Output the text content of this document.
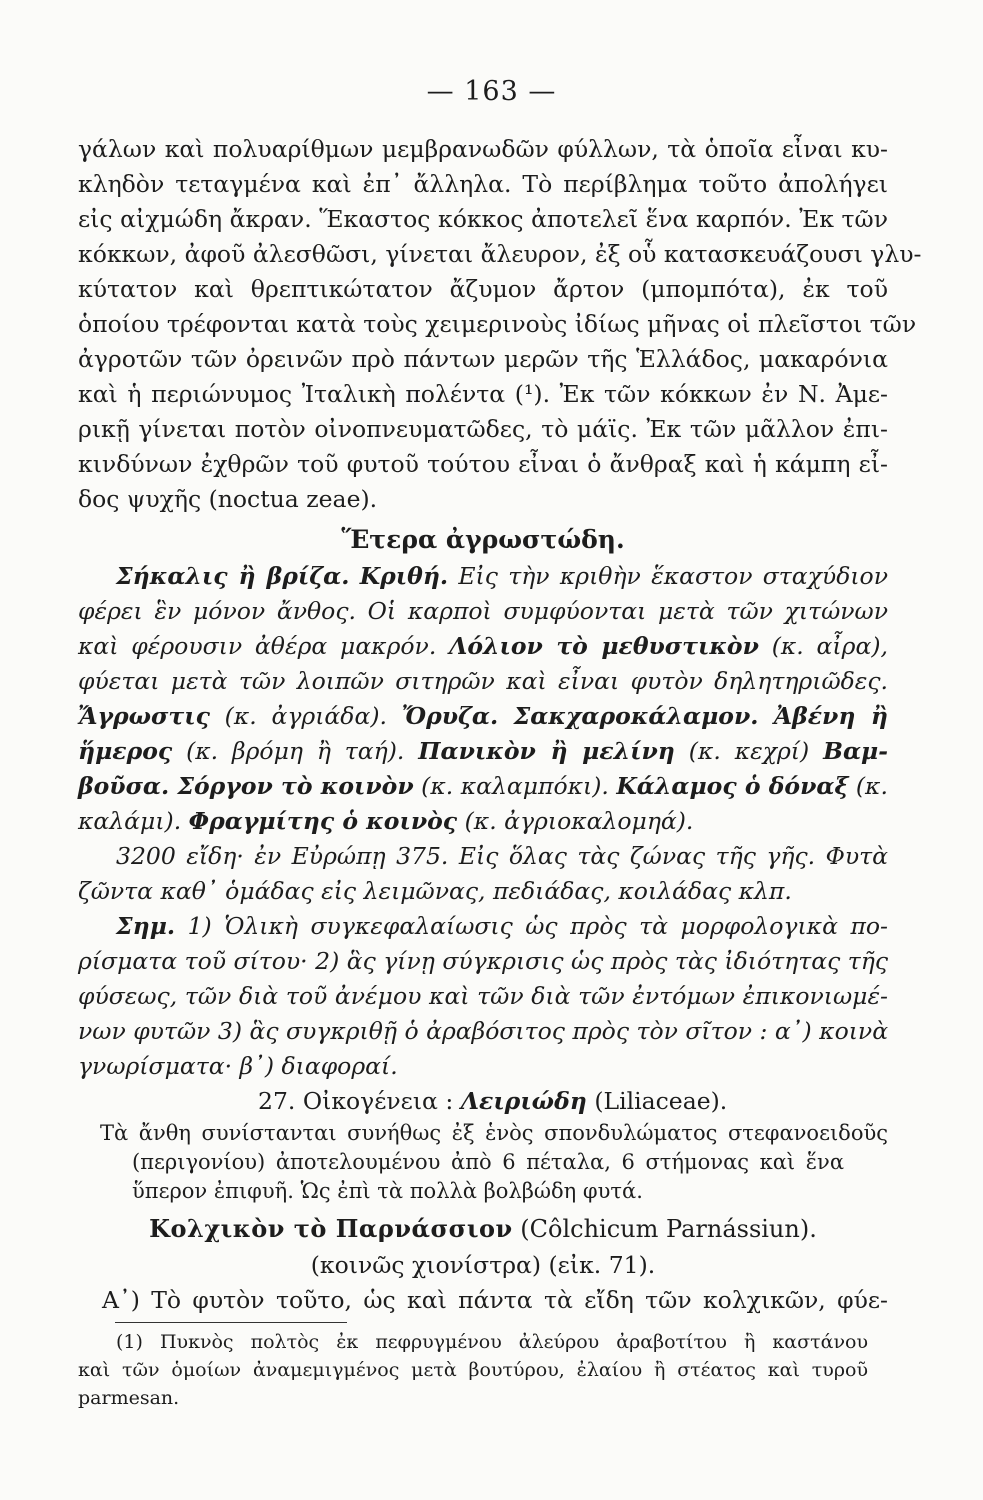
— 163 —
γάλων καὶ πολυαρίθμων μεμβρανωδῶν φύλλων, τὰ ὁποῖα εἶναι κυ-
κληδὸν τεταγμένα καὶ ἐπ᾽ ἄλληλα. Τὸ περίβλημα τοῦτο ἀπολήγει
εἰς αἰχμώδη ἄκραν. Ἕκαστος κόκκος ἀποτελεῖ ἕνα καρπόν. Ἐκ τῶν
κόκκων, ἀφοῦ ἀλεσθῶσι, γίνεται ἄλευρον, ἐξ οὗ κατασκευάζουσι γλυ-
κύτατον καὶ θρεπτικώτατον ἄζυμον ἄρτον (μπομπότα), ἐκ τοῦ
ὁποίου τρέφονται κατὰ τοὺς χειμερινοὺς ἰδίως μῆνας οἱ πλεῖστοι τῶν
ἀγροτῶν τῶν ὀρεινῶν πρὸ πάντων μερῶν τῆς Ἑλλάδος, μακαρόνια
καὶ ἡ περιώνυμος Ἰταλικὴ πολέντα (¹). Ἐκ τῶν κόκκων ἐν Ν. Ἀμε-
ρικῇ γίνεται ποτὸν οἰνοπνευματῶδες, τὸ μάϊς. Ἐκ τῶν μᾶλλον ἐπι-
κινδύνων ἐχθρῶν τοῦ φυτοῦ τούτου εἶναι ὁ ἄνθραξ καὶ ἡ κάμπη εἶ-
δος ψυχῆς (noctua zeae).
Ἕτερα ἀγρωστώδη.
Σήκαλις ἢ βρίζα. Κριθή. Εἰς τὴν κριθὴν ἕκαστον σταχύδιον
φέρει ἓν μόνον ἄνθος. Οἱ καρποὶ συμφύονται μετὰ τῶν χιτώνων
καὶ φέρουσιν ἀθέρα μακρόν. Λόλιον τὸ μεθυστικὸν (κ. αἶρα),
φύεται μετὰ τῶν λοιπῶν σιτηρῶν καὶ εἶναι φυτὸν δηλητηριῶδες.
Ἄγρωστις (κ. ἀγριάδα). Ὄρυζα. Σακχαροκάλαμον. Ἀβένη ἢ
ἥμερος (κ. βρόμη ἢ ταή). Πανικὸν ἢ μελίνη (κ. κεχρί) Βαμ-
βοῦσα. Σόργον τὸ κοινὸν (κ. καλαμπόκι). Κάλαμος ὁ δόναξ (κ.
καλάμι). Φραγμίτης ὁ κοινὸς (κ. ἀγριοκαλομηά).
3200 εἴδη· ἐν Εὐρώπῃ 375. Εἰς ὅλας τὰς ζώνας τῆς γῆς. Φυτὰ
ζῶντα καθ᾽ ὁμάδας εἰς λειμῶνας, πεδιάδας, κοιλάδας κλπ.
Σημ. 1) Ὁλικὴ συγκεφαλαίωσις ὡς πρὸς τὰ μορφολογικὰ πο-
ρίσματα τοῦ σίτου· 2) ἃς γίνῃ σύγκρισις ὡς πρὸς τὰς ἰδιότητας τῆς
φύσεως, τῶν διὰ τοῦ ἀνέμου καὶ τῶν διὰ τῶν ἐντόμων ἐπικονιωμέ-
νων φυτῶν 3) ἃς συγκριθῇ ὁ ἀραβόσιτος πρὸς τὸν σῖτον : α᾽) κοινὰ
γνωρίσματα· β᾽) διαφοραί.
27. Οἰκογένεια : Λειριώδη (Liliaceae).
Τὰ ἄνθη συνίστανται συνήθως ἐξ ἑνὸς σπονδυλώματος στεφανοειδοῦς
(περιγονίου) ἀποτελουμένου ἀπὸ 6 πέταλα, 6 στήμονας καὶ ἕνα
ὕπερον ἐπιφυῆ. Ὡς ἐπὶ τὰ πολλὰ βολβώδη φυτά.
Κολχικὸν τὸ Παρνάσσιον (Côlchicum Parnássiun).
(κοινῶς χιονίστρα) (εἰκ. 71).
Α᾽) Τὸ φυτὸν τοῦτο, ὡς καὶ πάντα τὰ εἴδη τῶν κολχικῶν, φύε-
(1) Πυκνὸς πολτὸς ἐκ πεφρυγμένου ἀλεύρου ἀραβοτίτου ἢ καστάνου
καὶ τῶν ὁμοίων ἀναμεμιγμένος μετὰ βουτύρου, ἐλαίου ἢ στέατος καὶ τυροῦ
parmesan.
